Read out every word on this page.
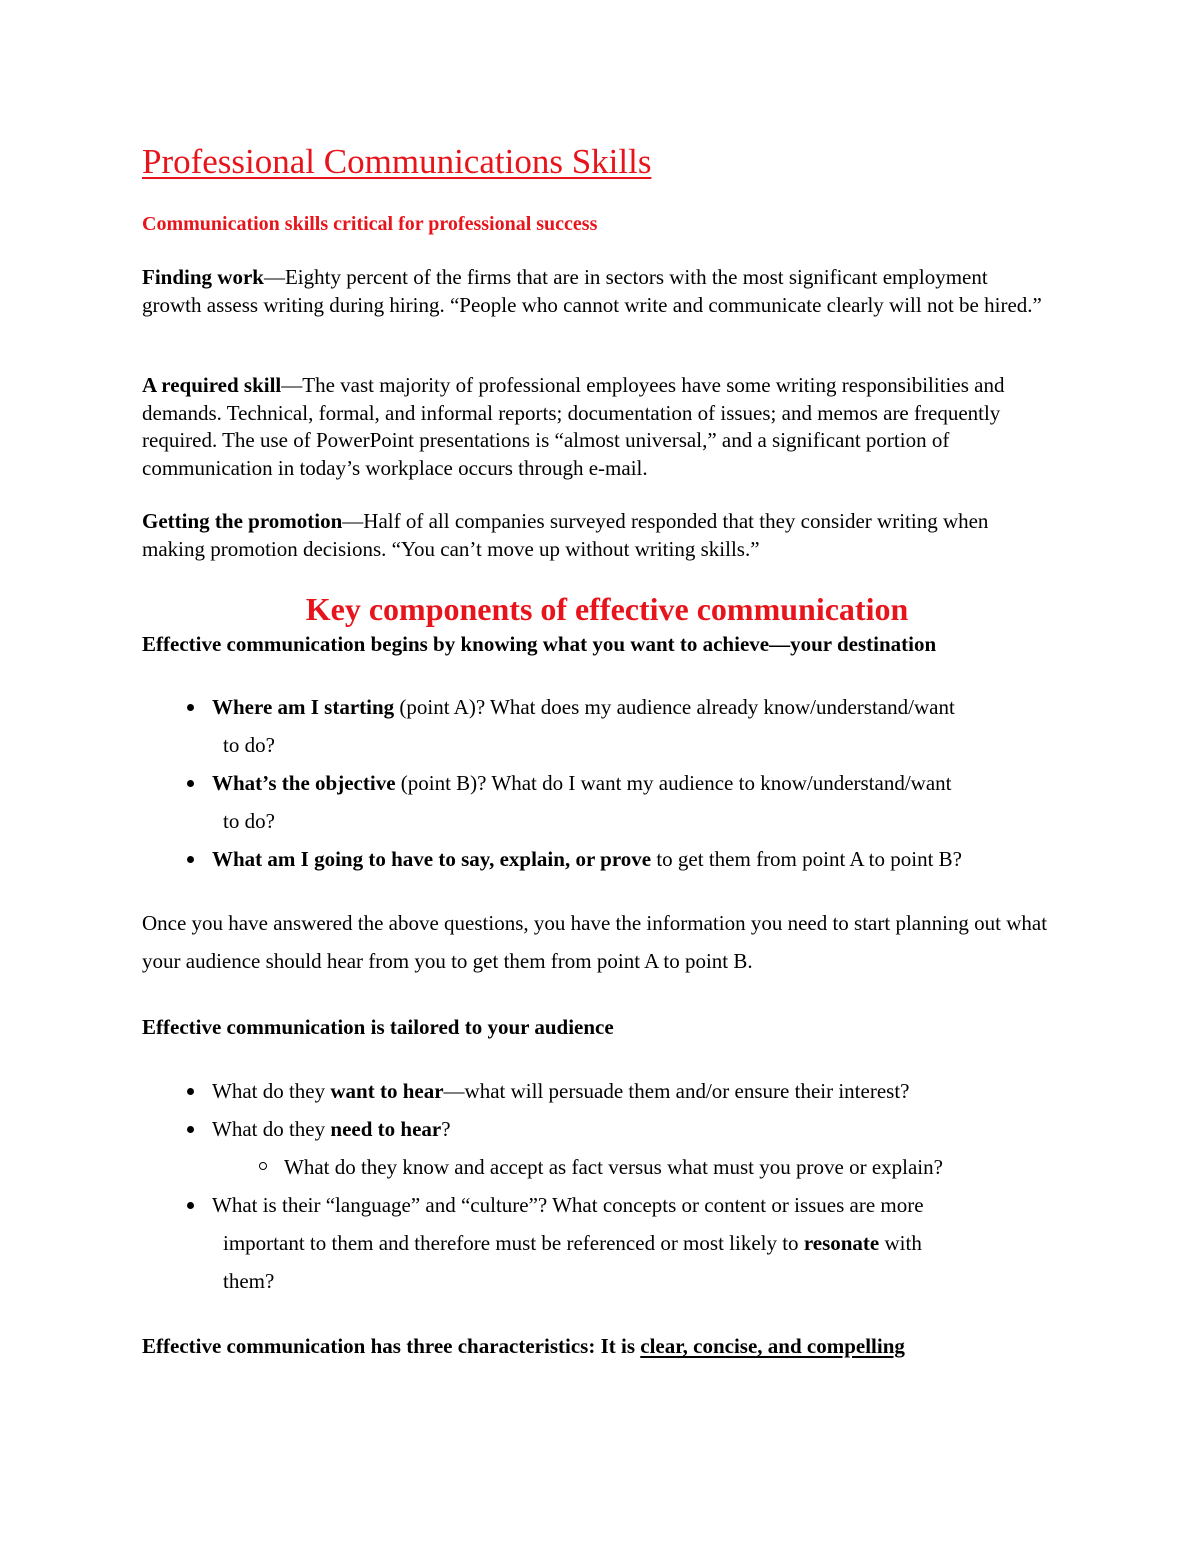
Professional Communications Skills
Communication skills critical for professional success
Finding work—Eighty percent of the firms that are in sectors with the most significant employment growth assess writing during hiring. “People who cannot write and communicate clearly will not be hired.”
A required skill—The vast majority of professional employees have some writing responsibilities and demands. Technical, formal, and informal reports; documentation of issues; and memos are frequently required. The use of PowerPoint presentations is “almost universal,” and a significant portion of communication in today’s workplace occurs through e-mail.
Getting the promotion—Half of all companies surveyed responded that they consider writing when making promotion decisions. “You can’t move up without writing skills.”
Key components of effective communication
Effective communication begins by knowing what you want to achieve—your destination
Where am I starting (point A)? What does my audience already know/understand/want
to do?
What’s the objective (point B)? What do I want my audience to know/understand/want
to do?
What am I going to have to say, explain, or prove to get them from point A to point B?
Once you have answered the above questions, you have the information you need to start planning out what your audience should hear from you to get them from point A to point B.
Effective communication is tailored to your audience
What do they want to hear—what will persuade them and/or ensure their interest?
What do they need to hear?
What do they know and accept as fact versus what must you prove or explain?
What is their “language” and “culture”? What concepts or content or issues are more
important to them and therefore must be referenced or most likely to resonate with
them?
Effective communication has three characteristics: It is clear, concise, and compelling
